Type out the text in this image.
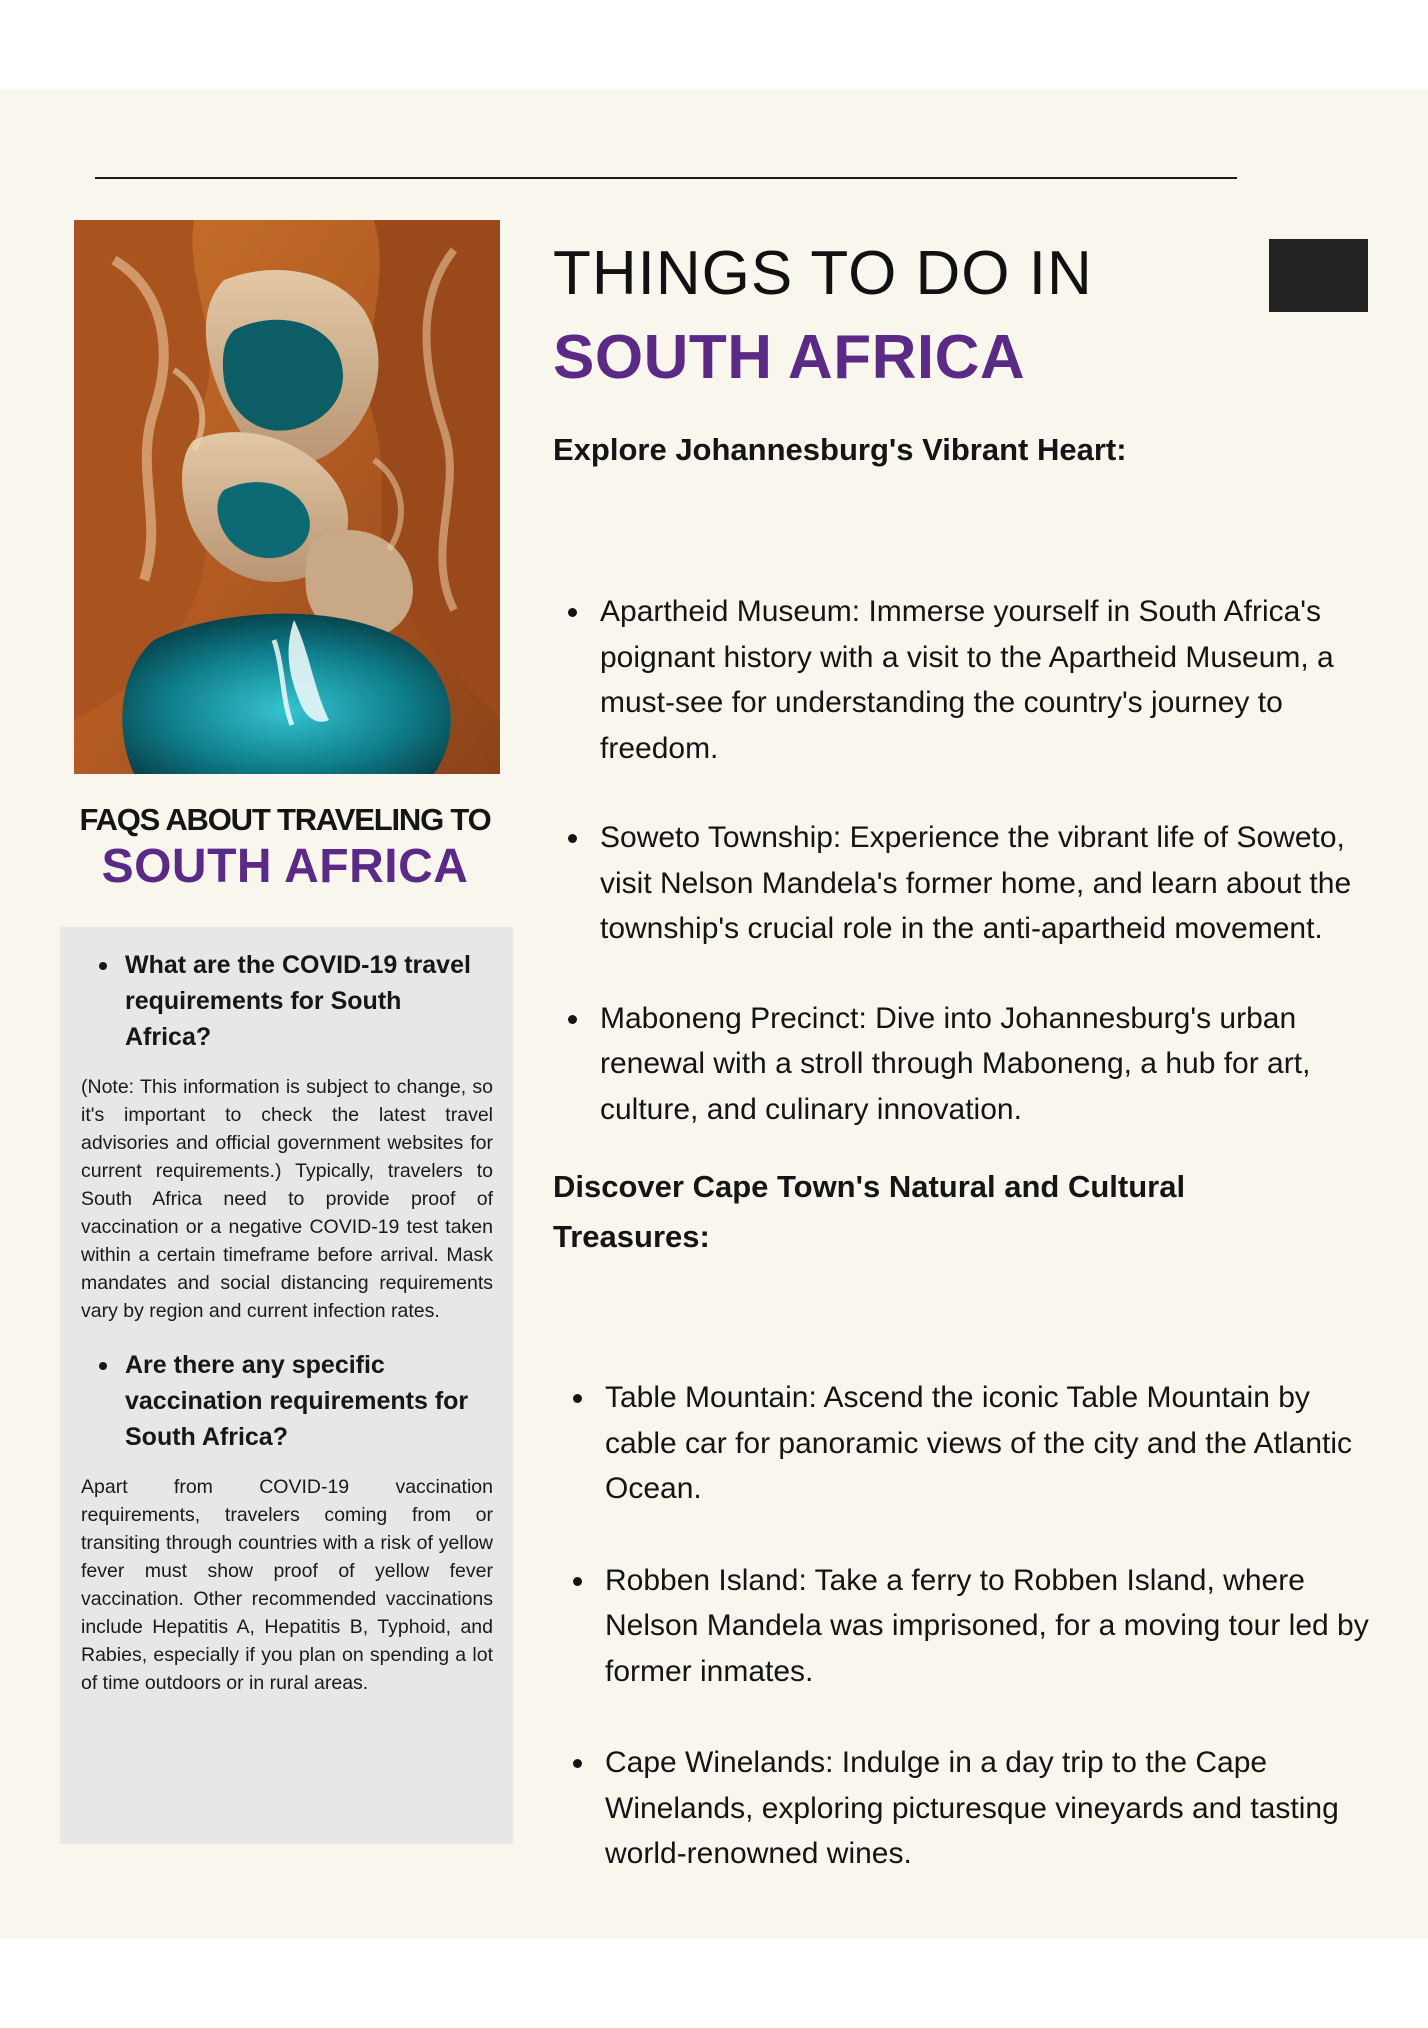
FAQS ABOUT TRAVELING TO
SOUTH AFRICA
What are the COVID-19 travel requirements for South Africa?

(Note: This information is subject to change, so it's important to check the latest travel advisories and official government websites for current requirements.) Typically, travelers to South Africa need to provide proof of vaccination or a negative COVID-19 test taken within a certain timeframe before arrival. Mask mandates and social distancing requirements vary by region and current infection rates.

Are there any specific vaccination requirements for South Africa?

Apart from COVID-19 vaccination requirements, travelers coming from or transiting through countries with a risk of yellow fever must show proof of yellow fever vaccination. Other recommended vaccinations include Hepatitis A, Hepatitis B, Typhoid, and Rabies, especially if you plan on spending a lot of time outdoors or in rural areas.

THINGS TO DO IN
SOUTH AFRICA
Explore Johannesburg's Vibrant Heart:
Apartheid Museum: Immerse yourself in South Africa's poignant history with a visit to the Apartheid Museum, a must-see for understanding the country's journey to freedom.
Soweto Township: Experience the vibrant life of Soweto, visit Nelson Mandela's former home, and learn about the township's crucial role in the anti-apartheid movement.
Maboneng Precinct: Dive into Johannesburg's urban renewal with a stroll through Maboneng, a hub for art, culture, and culinary innovation.
Discover Cape Town's Natural and Cultural Treasures:
Table Mountain: Ascend the iconic Table Mountain by cable car for panoramic views of the city and the Atlantic Ocean.
Robben Island: Take a ferry to Robben Island, where Nelson Mandela was imprisoned, for a moving tour led by former inmates.
Cape Winelands: Indulge in a day trip to the Cape Winelands, exploring picturesque vineyards and tasting world-renowned wines.
